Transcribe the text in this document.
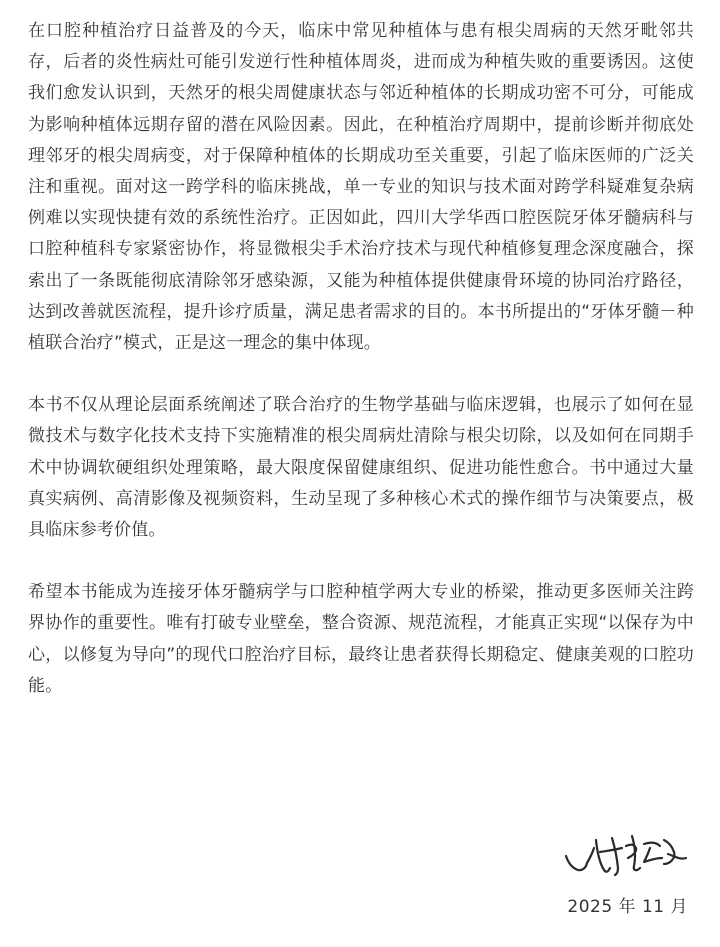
在口腔种植治疗日益普及的今天，临床中常见种植体与患有根尖周病的天然牙毗邻共存，后者的炎性病灶可能引发逆行性种植体周炎，进而成为种植失败的重要诱因。这使我们愈发认识到，天然牙的根尖周健康状态与邻近种植体的长期成功密不可分，可能成为影响种植体远期存留的潜在风险因素。因此，在种植治疗周期中，提前诊断并彻底处理邻牙的根尖周病变，对于保障种植体的长期成功至关重要，引起了临床医师的广泛关注和重视。面对这一跨学科的临床挑战，单一专业的知识与技术面对跨学科疑难复杂病例难以实现快捷有效的系统性治疗。正因如此，四川大学华西口腔医院牙体牙髓病科与口腔种植科专家紧密协作，将显微根尖手术治疗技术与现代种植修复理念深度融合，探索出了一条既能彻底清除邻牙感染源，又能为种植体提供健康骨环境的协同治疗路径，达到改善就医流程，提升诊疗质量，满足患者需求的目的。本书所提出的“牙体牙髓－种植联合治疗”模式，正是这一理念的集中体现。

本书不仅从理论层面系统阐述了联合治疗的生物学基础与临床逻辑，也展示了如何在显微技术与数字化技术支持下实施精准的根尖周病灶清除与根尖切除，以及如何在同期手术中协调软硬组织处理策略，最大限度保留健康组织、促进功能性愈合。书中通过大量真实病例、高清影像及视频资料，生动呈现了多种核心术式的操作细节与决策要点，极具临床参考价值。

希望本书能成为连接牙体牙髓病学与口腔种植学两大专业的桥梁，推动更多医师关注跨界协作的重要性。唯有打破专业壁垒，整合资源、规范流程，才能真正实现“以保存为中心，以修复为导向”的现代口腔治疗目标，最终让患者获得长期稳定、健康美观的口腔功能。

2025 年 11 月
